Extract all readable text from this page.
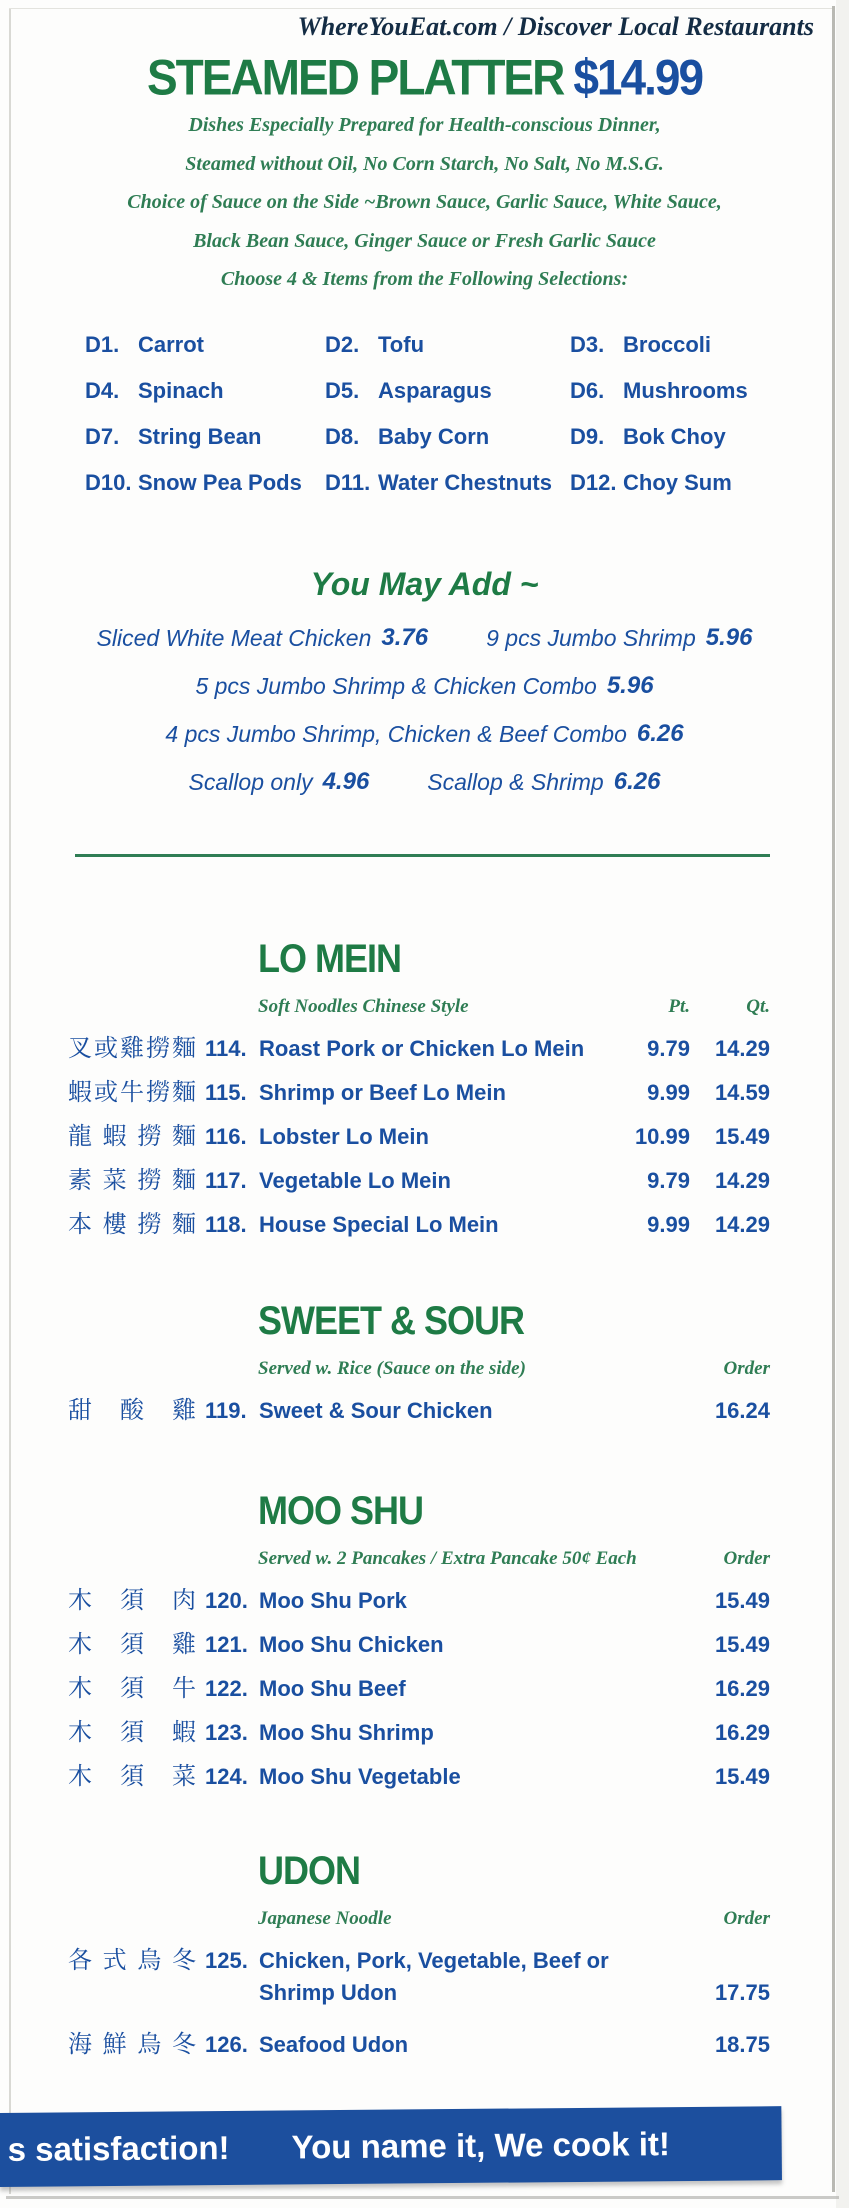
WhereYouEat.com / Discover Local Restaurants
STEAMED PLATTER $14.99
Dishes Especially Prepared for Health-conscious Dinner,
Steamed without Oil, No Corn Starch, No Salt, No M.S.G.
Choice of Sauce on the Side ~Brown Sauce, Garlic Sauce, White Sauce,
Black Bean Sauce, Ginger Sauce or Fresh Garlic Sauce
Choose 4 & Items from the Following Selections:
D1. Carrot	D2. Tofu	D3. Broccoli
D4. Spinach	D5. Asparagus	D6. Mushrooms
D7. String Bean	D8. Baby Corn	D9. Bok Choy
D10. Snow Pea Pods D11. Water Chestnuts D12. Choy Sum
You May Add ~
Sliced White Meat Chicken 3.76	9 pcs Jumbo Shrimp 5.96
5 pcs Jumbo Shrimp & Chicken Combo 5.96
4 pcs Jumbo Shrimp, Chicken & Beef Combo 6.26
Scallop only 4.96	Scallop & Shrimp 6.26
LO MEIN
Soft Noodles Chinese Style	Pt.	Qt.
叉 或 雞 撈 麵 114. Roast Pork or Chicken Lo Mein	9.79	14.29
蝦 或 牛 撈 麵 115. Shrimp or Beef Lo Mein	9.99	14.59
龍 蝦 撈 麵 116. Lobster Lo Mein	10.99	15.49
素 菜 撈 麵 117. Vegetable Lo Mein	9.79	14.29
本 樓 撈 麵 118. House Special Lo Mein	9.99	14.29
SWEET & SOUR
Served w. Rice (Sauce on the side)	Order
甜 酸 雞 119. Sweet & Sour Chicken	16.24
MOO SHU
Served w. 2 Pancakes / Extra Pancake 50¢ Each	Order
木 須 肉 120. Moo Shu Pork	15.49
木 須 雞 121. Moo Shu Chicken	15.49
木 須 牛 122. Moo Shu Beef	16.29
木 須 蝦 123. Moo Shu Shrimp	16.29
木 須 菜 124. Moo Shu Vegetable	15.49
UDON
Japanese Noodle	Order
各 式 烏 冬 125. Chicken, Pork, Vegetable, Beef or
Shrimp Udon	17.75
海 鮮 烏 冬 126. Seafood Udon	18.75
s satisfaction! You name it, We cook it!
